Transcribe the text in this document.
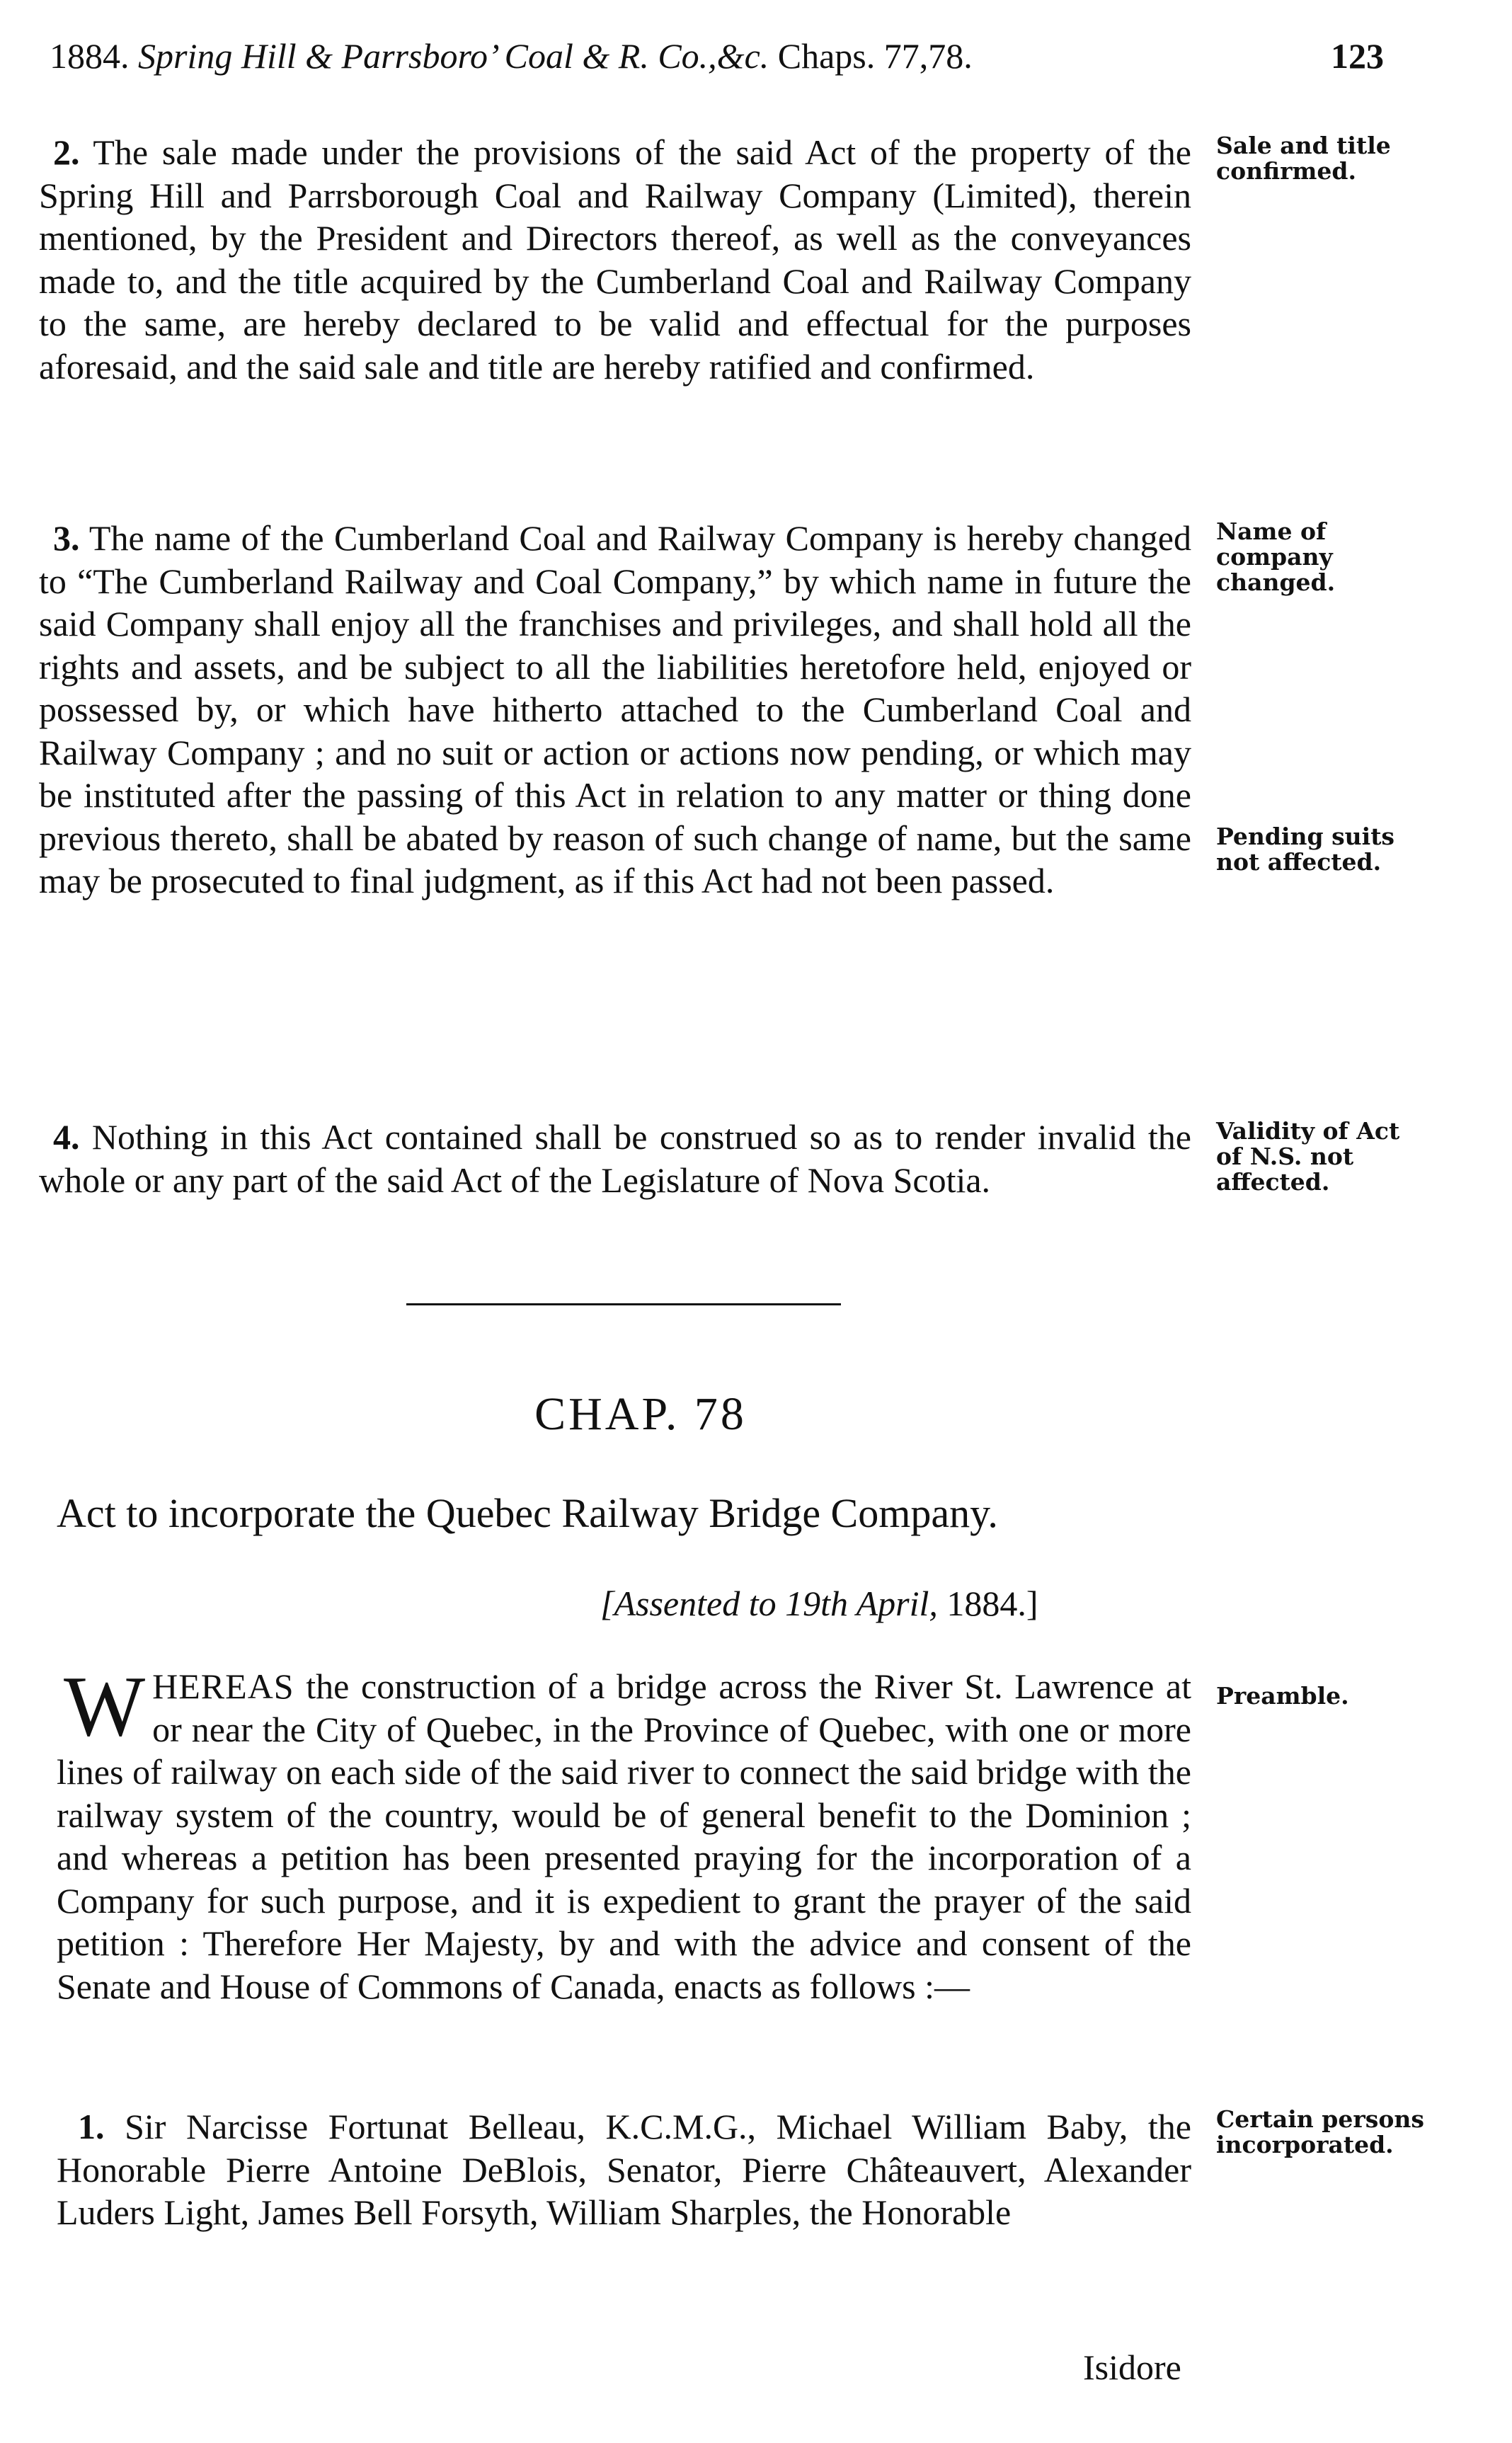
1884. Spring Hill & Parrsboro’ Coal & R. Co.,&c. Chaps. 77,78.	123
2. The sale made under the provisions of the said Act of the property of the Spring Hill and Parrsborough Coal and Railway Company (Limited), therein mentioned, by the President and Directors thereof, as well as the conveyances made to, and the title acquired by the Cumberland Coal and Railway Company to the same, are hereby declared to be valid and effectual for the purposes aforesaid, and the said sale and title are hereby ratified and confirmed.
Sale and title confirmed.
3. The name of the Cumberland Coal and Railway Company is hereby changed to “The Cumberland Railway and Coal Company,” by which name in future the said Company shall enjoy all the franchises and privileges, and shall hold all the rights and assets, and be subject to all the liabilities heretofore held, enjoyed or possessed by, or which have hitherto attached to the Cumberland Coal and Railway Company ; and no suit or action or actions now pending, or which may be instituted after the passing of this Act in relation to any matter or thing done previous thereto, shall be abated by reason of such change of name, but the same may be prosecuted to final judgment, as if this Act had not been passed.
Name of company changed.
Pending suits not affected.
4. Nothing in this Act contained shall be construed so as to render invalid the whole or any part of the said Act of the Legislature of Nova Scotia.
Validity of Act of N.S. not affected.
CHAP. 78
Act to incorporate the Quebec Railway Bridge Company.
[Assented to 19th April, 1884.]
W HEREAS the construction of a bridge across the River St. Lawrence at or near the City of Quebec, in the Province of Quebec, with one or more lines of railway on each side of the said river to connect the said bridge with the railway system of the country, would be of general benefit to the Dominion ; and whereas a petition has been presented praying for the incorporation of a Company for such purpose, and it is expedient to grant the prayer of the said petition : Therefore Her Majesty, by and with the advice and consent of the Senate and House of Commons of Canada, enacts as follows :—
Preamble.
1. Sir Narcisse Fortunat Belleau, K.C.M.G., Michael William Baby, the Honorable Pierre Antoine DeBlois, Senator, Pierre Châteauvert, Alexander Luders Light, James Bell Forsyth, William Sharples, the Honorable
Certain persons incorporated.
Isidore
